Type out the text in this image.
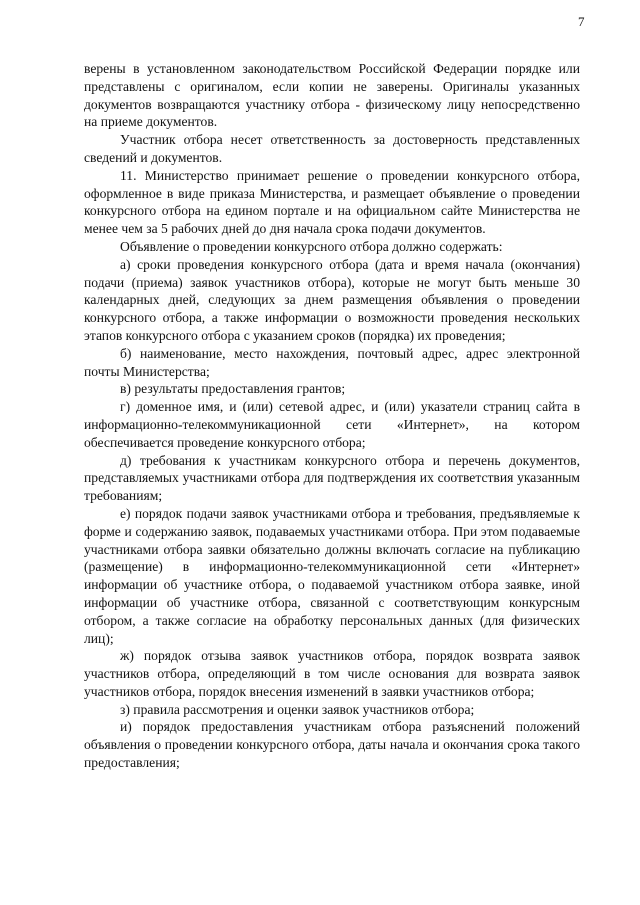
7

верены в установленном законодательством Российской Федерации порядке или представлены с оригиналом, если копии не заверены. Оригиналы указанных документов возвращаются участнику отбора - физическому лицу непосредственно на приеме документов.

Участник отбора несет ответственность за достоверность представленных сведений и документов.

11. Министерство принимает решение о проведении конкурсного отбора, оформленное в виде приказа Министерства, и размещает объявление о проведении конкурсного отбора на едином портале и на официальном сайте Министерства не менее чем за 5 рабочих дней до дня начала срока подачи документов.

Объявление о проведении конкурсного отбора должно содержать:

а) сроки проведения конкурсного отбора (дата и время начала (окончания) подачи (приема) заявок участников отбора), которые не могут быть меньше 30 календарных дней, следующих за днем размещения объявления о проведении конкурсного отбора, а также информации о возможности проведения нескольких этапов конкурсного отбора с указанием сроков (порядка) их проведения;

б) наименование, место нахождения, почтовый адрес, адрес электронной почты Министерства;

в) результаты предоставления грантов;

г) доменное имя, и (или) сетевой адрес, и (или) указатели страниц сайта в информационно-телекоммуникационной сети «Интернет», на котором обеспечивается проведение конкурсного отбора;

д) требования к участникам конкурсного отбора и перечень документов, представляемых участниками отбора для подтверждения их соответствия указанным требованиям;

е) порядок подачи заявок участниками отбора и требования, предъявляемые к форме и содержанию заявок, подаваемых участниками отбора. При этом подаваемые участниками отбора заявки обязательно должны включать согласие на публикацию (размещение) в информационно-телекоммуникационной сети «Интернет» информации об участнике отбора, о подаваемой участником отбора заявке, иной информации об участнике отбора, связанной с соответствующим конкурсным отбором, а также согласие на обработку персональных данных (для физических лиц);

ж) порядок отзыва заявок участников отбора, порядок возврата заявок участников отбора, определяющий в том числе основания для возврата заявок участников отбора, порядок внесения изменений в заявки участников отбора;

з) правила рассмотрения и оценки заявок участников отбора;

и) порядок предоставления участникам отбора разъяснений положений объявления о проведении конкурсного отбора, даты начала и окончания срока такого предоставления;
